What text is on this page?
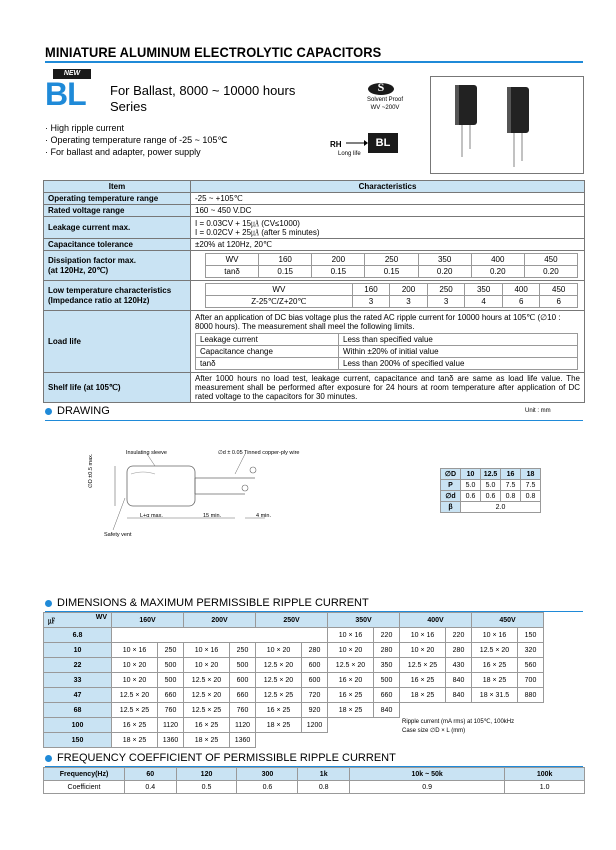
MINIATURE ALUMINUM ELECTROLYTIC CAPACITORS
NEW
BL For Ballast, 8000 ~ 10000 hours
Series
· High ripple current
· Operating temperature range of -25 ~ 105℃
· For ballast and adapter, power supply
S
Solvent Proof
WV ~200V
RH	BL
Long life
Item	Characteristics
Operating temperature range	-25 ~ +105℃
Rated voltage range	160 ~ 450 V.DC
Leakage current max.	I = 0.03CV + 15㎂ (CV≤1000)
I = 0.02CV + 25㎂ (after 5 minutes)

Capacitance tolerance	±20% at 120Hz, 20℃

Dissipation factor max.
(at 120Hz, 20℃)

WV	160	200	250	350	400	450
tanδ	0.15	0.15	0.15	0.20	0.20	0.20

Low temperature characteristics
(Impedance ratio at 120Hz)

WV	160	200	250	350	400	450
Z-25℃/Z+20℃	3	3	3	4	6	6

Load life	
After an application of DC bias voltage plus the rated AC ripple current for 10000 hours at 105℃ (∅10 : 8000 hours). The measurement shall meel the following limits.
Leakage current	Less than specified value
Capacitance change	Within ±20% of initial value
tanδ	Less than 200% of specified value

Shelf life (at 105℃)	After 1000 hours no load test, leakage current, capacitance and tanδ are same as load life value. The measurement shall be performed after exposure for 24 hours at room temperature after application of DC rated voltage to the capacitors for 30 minutes.
DRAWING	Unit : mm
Insulating sleeve	∅d ± 0.05 Tinned copper-ply wire
∅D ±0.5 max.
L+α max.	15 min.	4 min.
Safety vent
∅D	10	12.5	16	18
P	5.0	5.0	7.5	7.5
∅d	0.6	0.6	0.8	0.8
β	2.0			
DIMENSIONS & MAXIMUM PERMISSIBLE RIPPLE CURRENT
WV
㎌	160V		200V		250V		350V		400V		450V	
6.8							10 × 16	220	10 × 16	220	10 × 16	150
10	10 × 16	250	10 × 16	250	10 × 20	280	10 × 20	280	10 × 20	280	12.5 × 20	320
22	10 × 20	500	10 × 20	500	12.5 × 20	600	12.5 × 20	350	12.5 × 25	430	16 × 25	560
33	10 × 20	500	12.5 × 20	600	12.5 × 20	600	16 × 20	500	16 × 25	840	18 × 25	700
47	12.5 × 20	660	12.5 × 20	660	12.5 × 25	720	16 × 25	660	18 × 25	840	18 × 31.5	880
68	12.5 × 25	760	12.5 × 25	760	16 × 25	920	18 × 25	840				
100	16 × 25	1120	16 × 25	1120	18 × 25	1200						
150	18 × 25	1360	18 × 25	1360								
Ripple current (mA rms) at 105℃, 100kHz
Case size ∅D × L (mm)
FREQUENCY COEFFICIENT OF PERMISSIBLE RIPPLE CURRENT
Frequency(Hz)	60	120	300	1k	10k ~ 50k	100k
Coefficient	0.4	0.5	0.6	0.8	0.9	1.0
